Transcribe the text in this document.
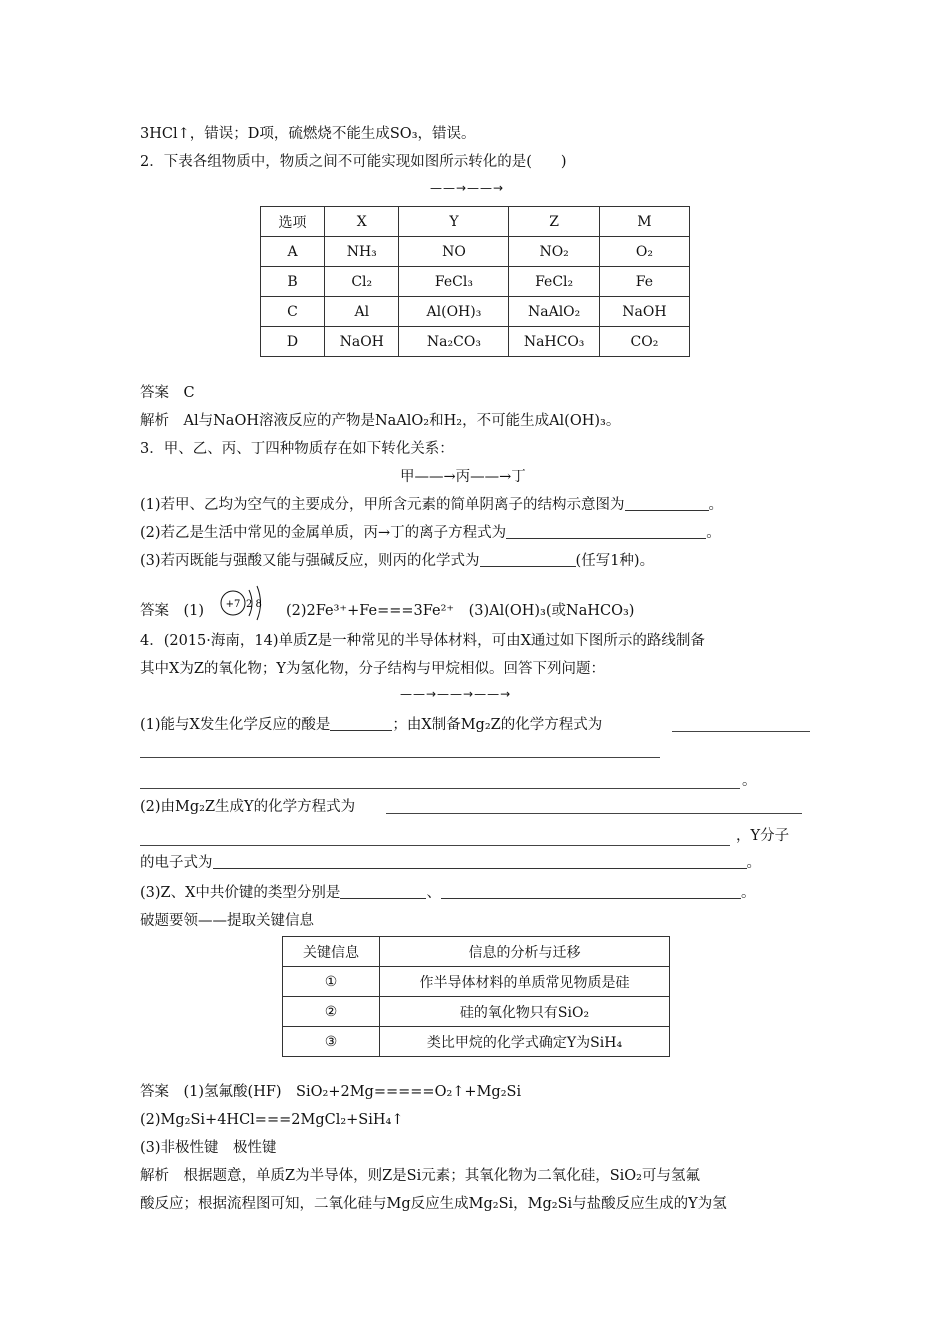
3HCl↑，错误；D项，硫燃烧不能生成SO₃，错误。
2．下表各组物质中，物质之间不可能实现如图所示转化的是(　　)
——→——→
选项	X	Y	Z	M
A	NH₃	NO	NO₂	O₂
B	Cl₂	FeCl₃	FeCl₂	Fe
C	Al	Al(OH)₃	NaAlO₂	NaOH
D	NaOH	Na₂CO₃	NaHCO₃	CO₂
答案　C
解析　Al与NaOH溶液反应的产物是NaAlO₂和H₂，不可能生成Al(OH)₃。
3．甲、乙、丙、丁四种物质存在如下转化关系：
甲——→丙——→丁
(1)若甲、乙均为空气的主要成分，甲所含元素的简单阴离子的结构示意图为	。
(2)若乙是生活中常见的金属单质，丙→丁的离子方程式为	。
(3)若丙既能与强酸又能与强碱反应，则丙的化学式为	(任写1种)。
答案　(1) +7 2 8 (2)2Fe³⁺+Fe===3Fe²⁺　(3)Al(OH)₃(或NaHCO₃)
4．(2015·海南，14)单质Z是一种常见的半导体材料，可由X通过如下图所示的路线制备
其中X为Z的氧化物；Y为氢化物，分子结构与甲烷相似。回答下列问题：
——→——→——→
(1)能与X发生化学反应的酸是	；由X制备Mg₂Z的化学方程式为
。
(2)由Mg₂Z生成Y的化学方程式为
，Y分子
的电子式为	。
(3)Z、X中共价键的类型分别是	、	。
破题要领——提取关键信息
关键信息	信息的分析与迁移
①	作半导体材料的单质常见物质是硅
②	硅的氧化物只有SiO₂
③	类比甲烷的化学式确定Y为SiH₄
答案　(1)氢氟酸(HF)　SiO₂+2Mg=====O₂↑+Mg₂Si
(2)Mg₂Si+4HCl===2MgCl₂+SiH₄↑
(3)非极性键　极性键
解析　根据题意，单质Z为半导体，则Z是Si元素；其氧化物为二氧化硅，SiO₂可与氢氟
酸反应；根据流程图可知，二氧化硅与Mg反应生成Mg₂Si，Mg₂Si与盐酸反应生成的Y为氢
